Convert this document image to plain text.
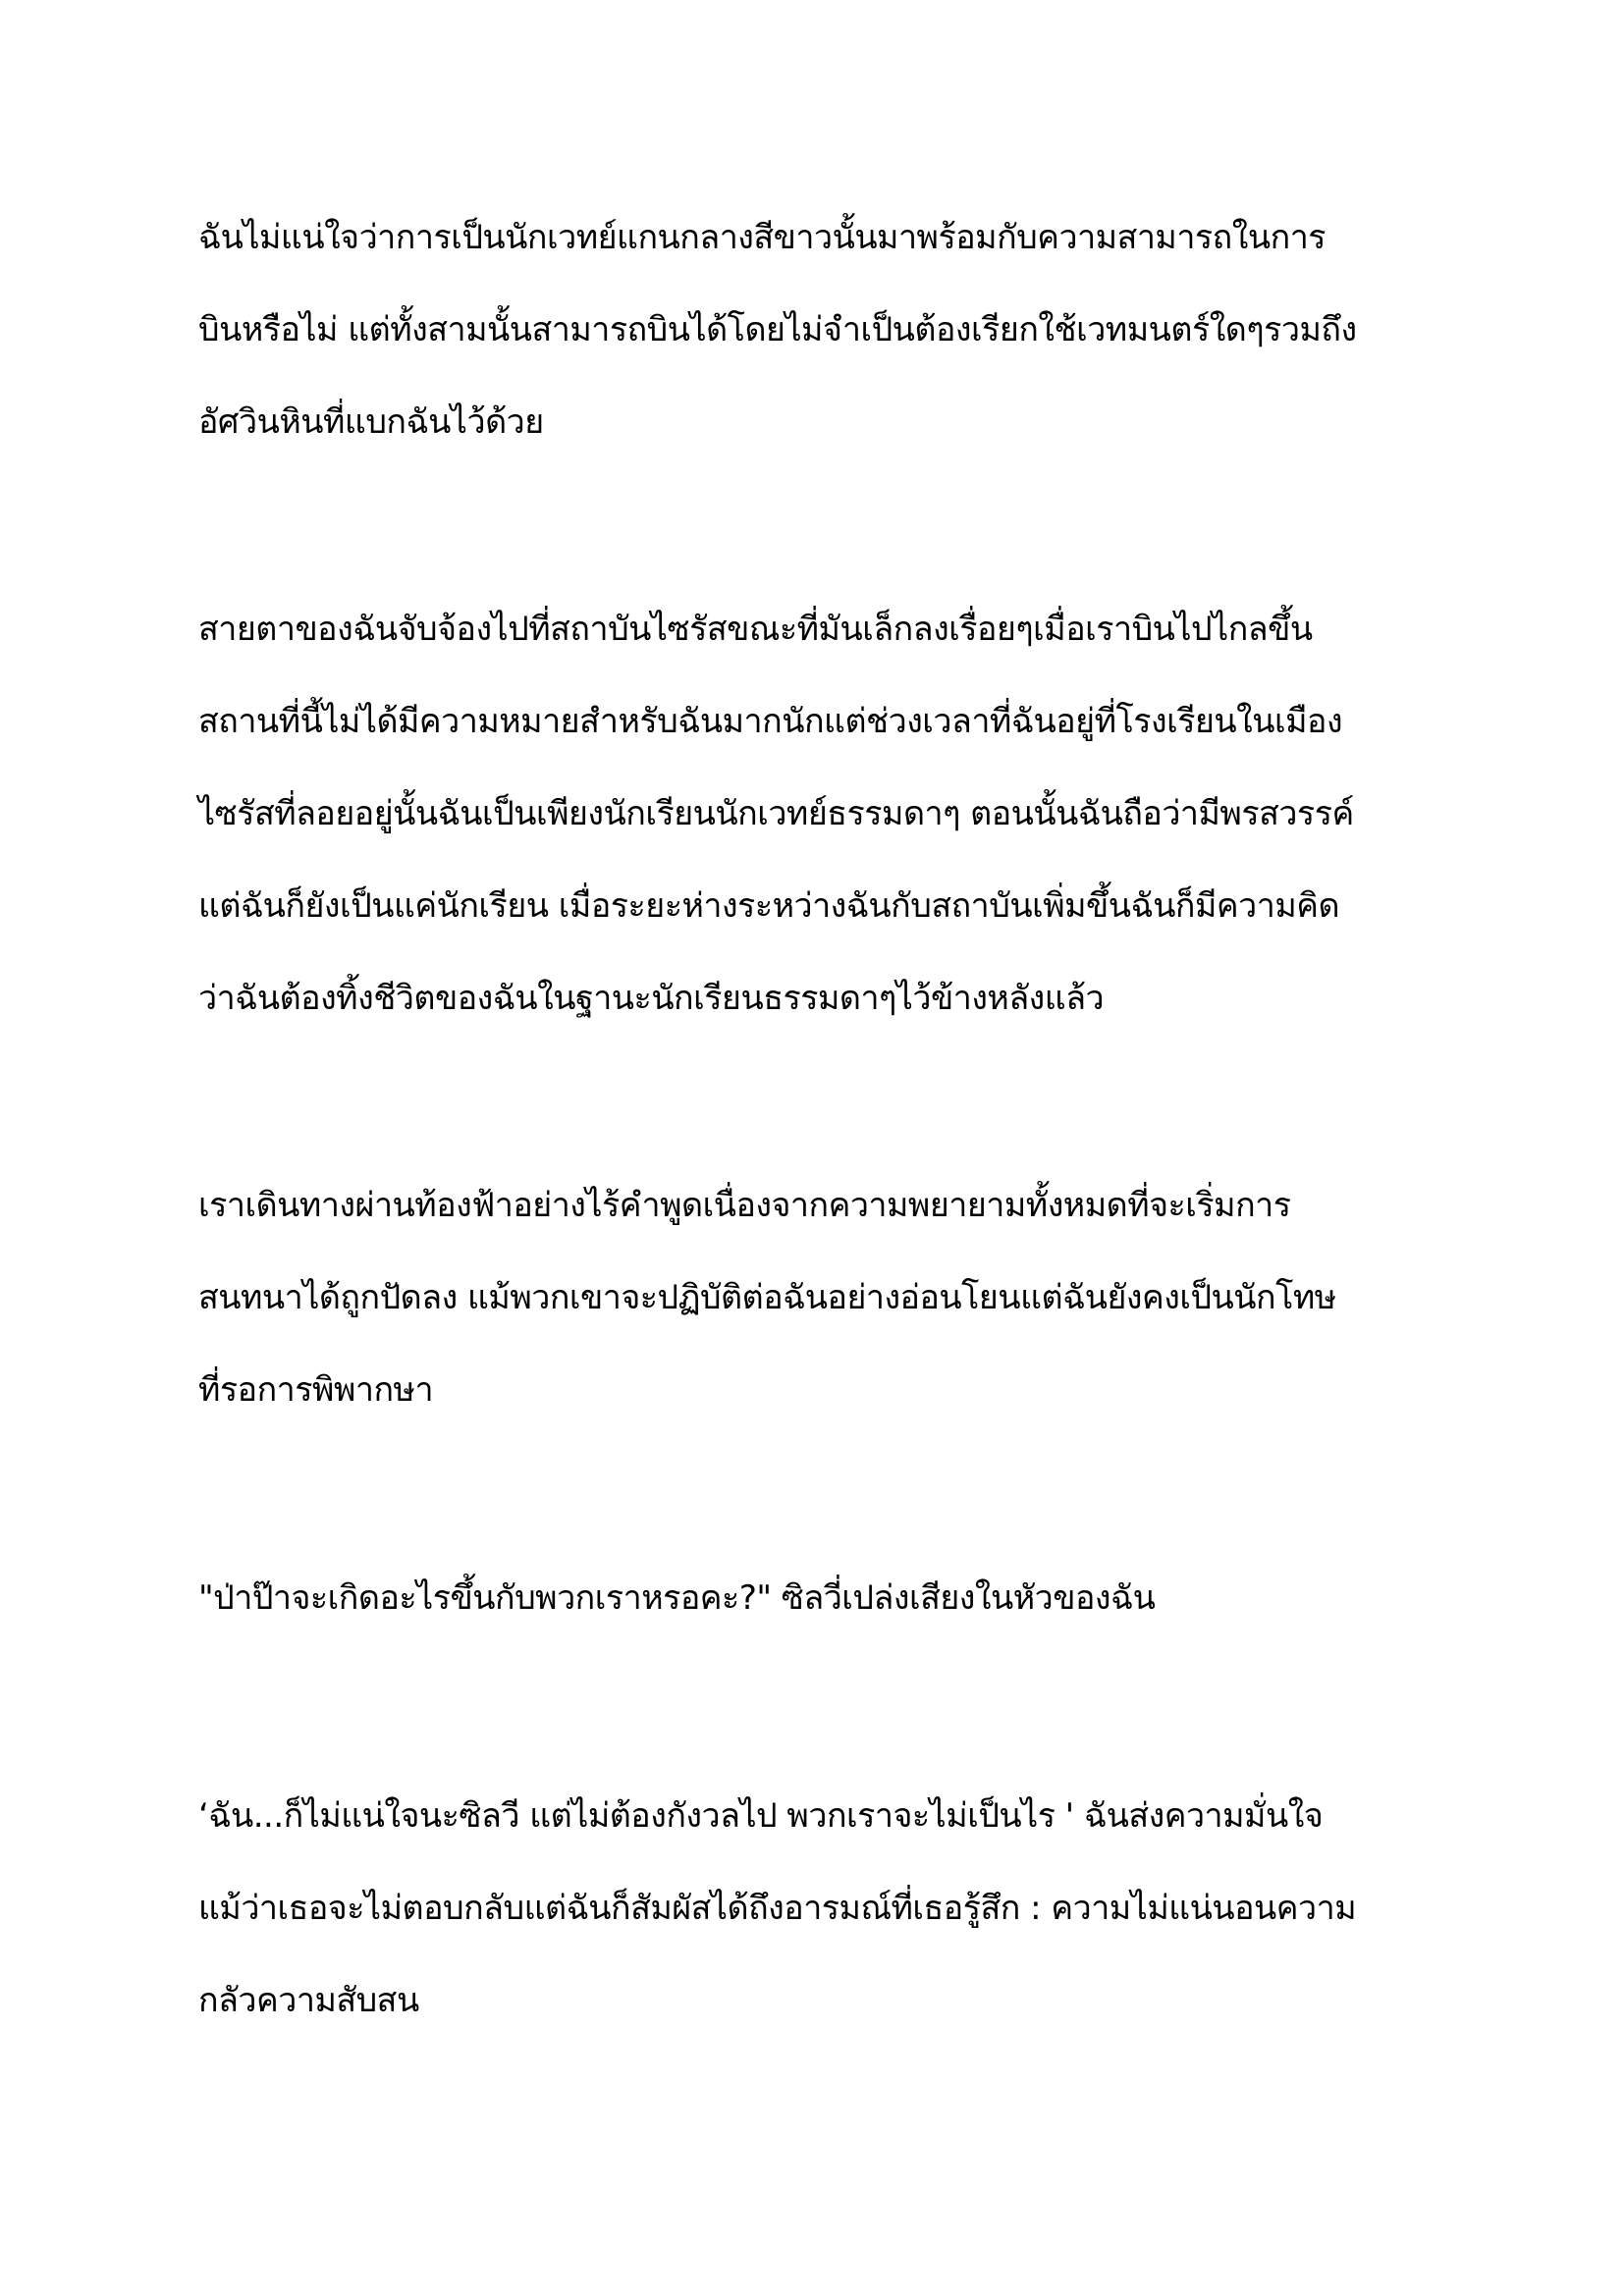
ฉันไม่แน่ใจว่าการเป็นนักเวทย์แกนกลางสีขาวนั้นมาพร้อมกับความสามารถในการ
บินหรือไม่ แต่ทั้งสามนั้นสามารถบินได้โดยไม่จำเป็นต้องเรียกใช้เวทมนตร์ใดๆรวมถึง
อัศวินหินที่แบกฉันไว้ด้วย
สายตาของฉันจับจ้องไปที่สถาบันไซรัสขณะที่มันเล็กลงเรื่อยๆเมื่อเราบินไปไกลขึ้น
สถานที่นี้ไม่ได้มีความหมายสำหรับฉันมากนักแต่ช่วงเวลาที่ฉันอยู่ที่โรงเรียนในเมือง
ไซรัสที่ลอยอยู่นั้นฉันเป็นเพียงนักเรียนนักเวทย์ธรรมดาๆ ตอนนั้นฉันถือว่ามีพรสวรรค์
แต่ฉันก็ยังเป็นแค่นักเรียน เมื่อระยะห่างระหว่างฉันกับสถาบันเพิ่มขึ้นฉันก็มีความคิด
ว่าฉันต้องทิ้งชีวิตของฉันในฐานะนักเรียนธรรมดาๆไว้ข้างหลังแล้ว
เราเดินทางผ่านท้องฟ้าอย่างไร้คำพูดเนื่องจากความพยายามทั้งหมดที่จะเริ่มการ
สนทนาได้ถูกปัดลง แม้พวกเขาจะปฏิบัติต่อฉันอย่างอ่อนโยนแต่ฉันยังคงเป็นนักโทษ
ที่รอการพิพากษา
"ป่าป๊าจะเกิดอะไรขึ้นกับพวกเราหรอคะ?" ซิลวี่เปล่งเสียงในหัวของฉัน
‘ฉัน...ก็ไม่แน่ใจนะซิลวี แต่ไม่ต้องกังวลไป พวกเราจะไม่เป็นไร ' ฉันส่งความมั่นใจ
แม้ว่าเธอจะไม่ตอบกลับแต่ฉันก็สัมผัสได้ถึงอารมณ์ที่เธอรู้สึก : ความไม่แน่นอนความ
กลัวความสับสน
